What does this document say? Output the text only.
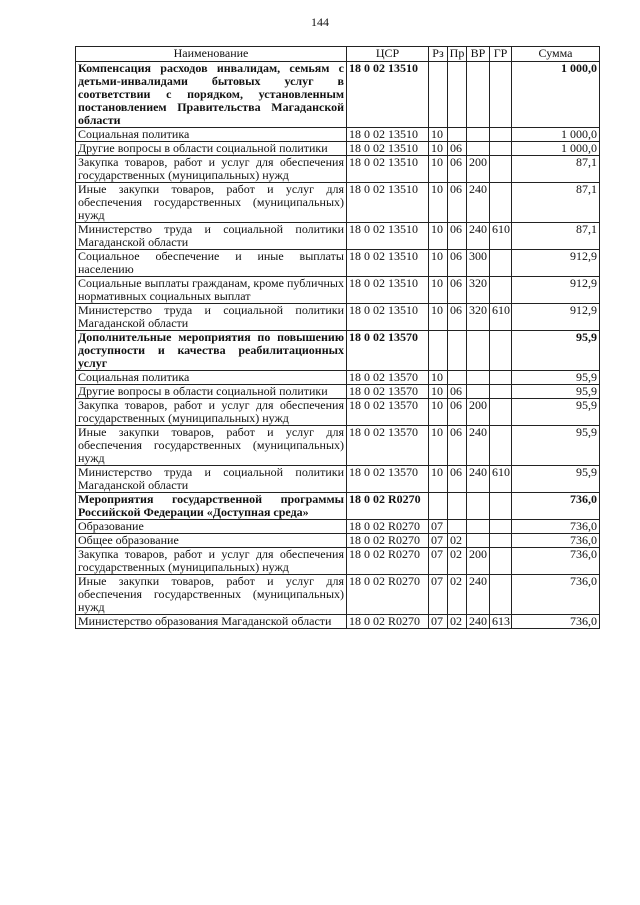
144
Наименование	ЦСР	Рз	Пр	ВР	ГР	Сумма

Компенсация расходов инвалидам, семьям с детьми-инвалидами бытовых услуг в соответствии с порядком, установленным постановлением Правительства Магаданской области	18 0 02 13510					1 000,0

Социальная политика	18 0 02 13510	10				1 000,0

Другие вопросы в области социальной политики	18 0 02 13510	10	06			1 000,0

Закупка товаров, работ и услуг для обеспечения государственных (муниципальных) нужд	18 0 02 13510	10	06	200		87,1

Иные закупки товаров, работ и услуг для обеспечения государственных (муниципальных) нужд	18 0 02 13510	10	06	240		87,1

Министерство труда и социальной политики Магаданской области	18 0 02 13510	10	06	240	610	87,1

Социальное обеспечение и иные выплаты населению	18 0 02 13510	10	06	300		912,9

Социальные выплаты гражданам, кроме публичных нормативных социальных выплат	18 0 02 13510	10	06	320		912,9

Министерство труда и социальной политики Магаданской области	18 0 02 13510	10	06	320	610	912,9

Дополнительные мероприятия по повышению доступности и качества реабилитационных услуг	18 0 02 13570					95,9

Социальная политика	18 0 02 13570	10				95,9

Другие вопросы в области социальной политики	18 0 02 13570	10	06			95,9

Закупка товаров, работ и услуг для обеспечения государственных (муниципальных) нужд	18 0 02 13570	10	06	200		95,9

Иные закупки товаров, работ и услуг для обеспечения государственных (муниципальных) нужд	18 0 02 13570	10	06	240		95,9

Министерство труда и социальной политики Магаданской области	18 0 02 13570	10	06	240	610	95,9

Мероприятия государственной программы Российской Федерации «Доступная среда»	18 0 02 R0270					736,0

Образование	18 0 02 R0270	07				736,0

Общее образование	18 0 02 R0270	07	02			736,0

Закупка товаров, работ и услуг для обеспечения государственных (муниципальных) нужд	18 0 02 R0270	07	02	200		736,0

Иные закупки товаров, работ и услуг для обеспечения государственных (муниципальных) нужд	18 0 02 R0270	07	02	240		736,0

Министерство образования Магаданской области	18 0 02 R0270	07	02	240	613	736,0
